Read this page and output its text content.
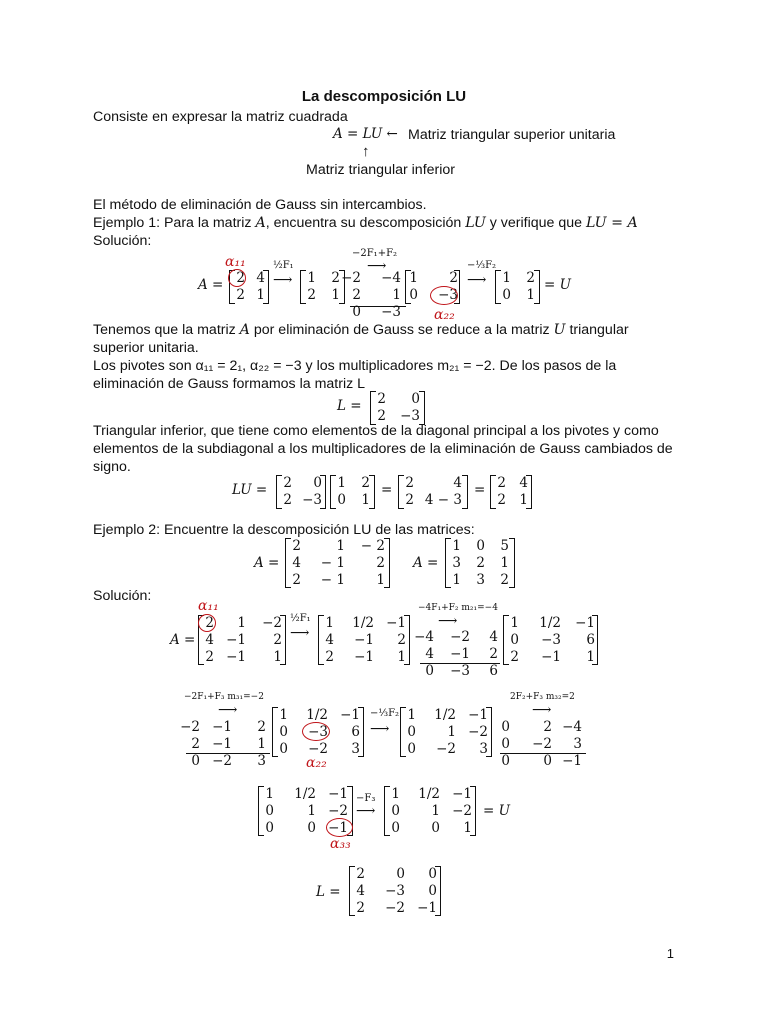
La descomposición LU
Consiste en expresar la matriz cuadrada
A = LU ← Matriz triangular superior unitaria
↑
Matriz triangular inferior
El método de eliminación de Gauss sin intercambios.
Ejemplo 1: Para la matriz A, encuentra su descomposición LU y verifique que LU = A
Solución:
α₁₁
A = 2 4
2 1
½F₁
⟶ 1 2
2 1
−2F₁+F₂
⟶
−2 −4
2 1
0 −3
1 2
0 −3
α₂₂
−⅓F₂
⟶ 1 2
0 1
= U
Tenemos que la matriz A por eliminación de Gauss se reduce a la matriz U triangular
superior unitaria.
Los pivotes son α₁₁ = 2₁, α₂₂ = −3 y los multiplicadores m₂₁ = −2. De los pasos de la
eliminación de Gauss formamos la matriz L
L = 2 0
2 −3
Triangular inferior, que tiene como elementos de la diagonal principal a los pivotes y como
elementos de la subdiagonal a los multiplicadores de la eliminación de Gauss cambiados de
signo.
LU = 2 0
2 −3
1 2
0 1
= 2	4
2 4 − 3
= 2 4
2 1
Ejemplo 2: Encuentre la descomposición LU de las matrices:
A =
2	1 − 2
4 − 1 2
2 − 1 1
A =
1 0 5
3 2 1
1 3 2
Solución:
α₁₁
A =
2 1 −2
4 −1 2
2 −1 1
½F₁
⟶
1 1/2 −1
4 −1 2
2 −1 1
−4F₁+F₂ m₂₁=−4
⟶
−4 −2 4
4 −1 2
0 −3 6
1 1/2 −1
0 −3 6
2 −1 1
−2F₁+F₃ m₃₁=−2
⟶
−2 −1 2
2 −1 1
0 −2 3
1 1/2 −1
0 −3 6
0 −2 3
α₂₂
−⅓F₂
⟶
1 1/2 −1
0 1 −2
0 −2 3
2F₂+F₃ m₃₂=2
⟶
0 2 −4
0 −2 3
0 0 −1
1 1/2 −1
0 1 −2
0 0 −1
α₃₃
−F₃
⟶
1 1/2 −1
0 1 −2
0 0 1
= U
L =
2 0 0
4 −3 0
2 −2 −1
1
